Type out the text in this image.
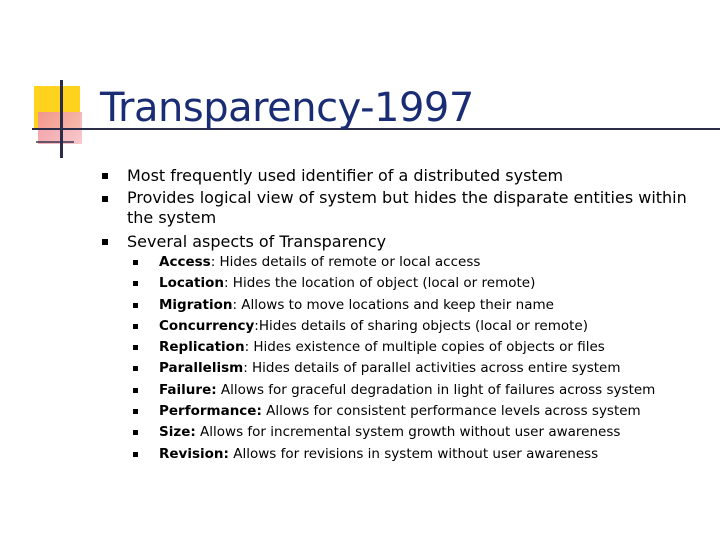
Transparency-1997
Most frequently used identifier of a distributed system
Provides logical view of system but hides the disparate entities within the system
Several aspects of Transparency
Access: Hides details of remote or local access
Location: Hides the location of object (local or remote)
Migration: Allows to move locations and keep their name
Concurrency:Hides details of sharing objects (local or remote)
Replication: Hides existence of multiple copies of objects or files
Parallelism: Hides details of parallel activities across entire system
Failure: Allows for graceful degradation in light of failures across system
Performance: Allows for consistent performance levels across system
Size: Allows for incremental system growth without user awareness
Revision: Allows for revisions in system without user awareness
